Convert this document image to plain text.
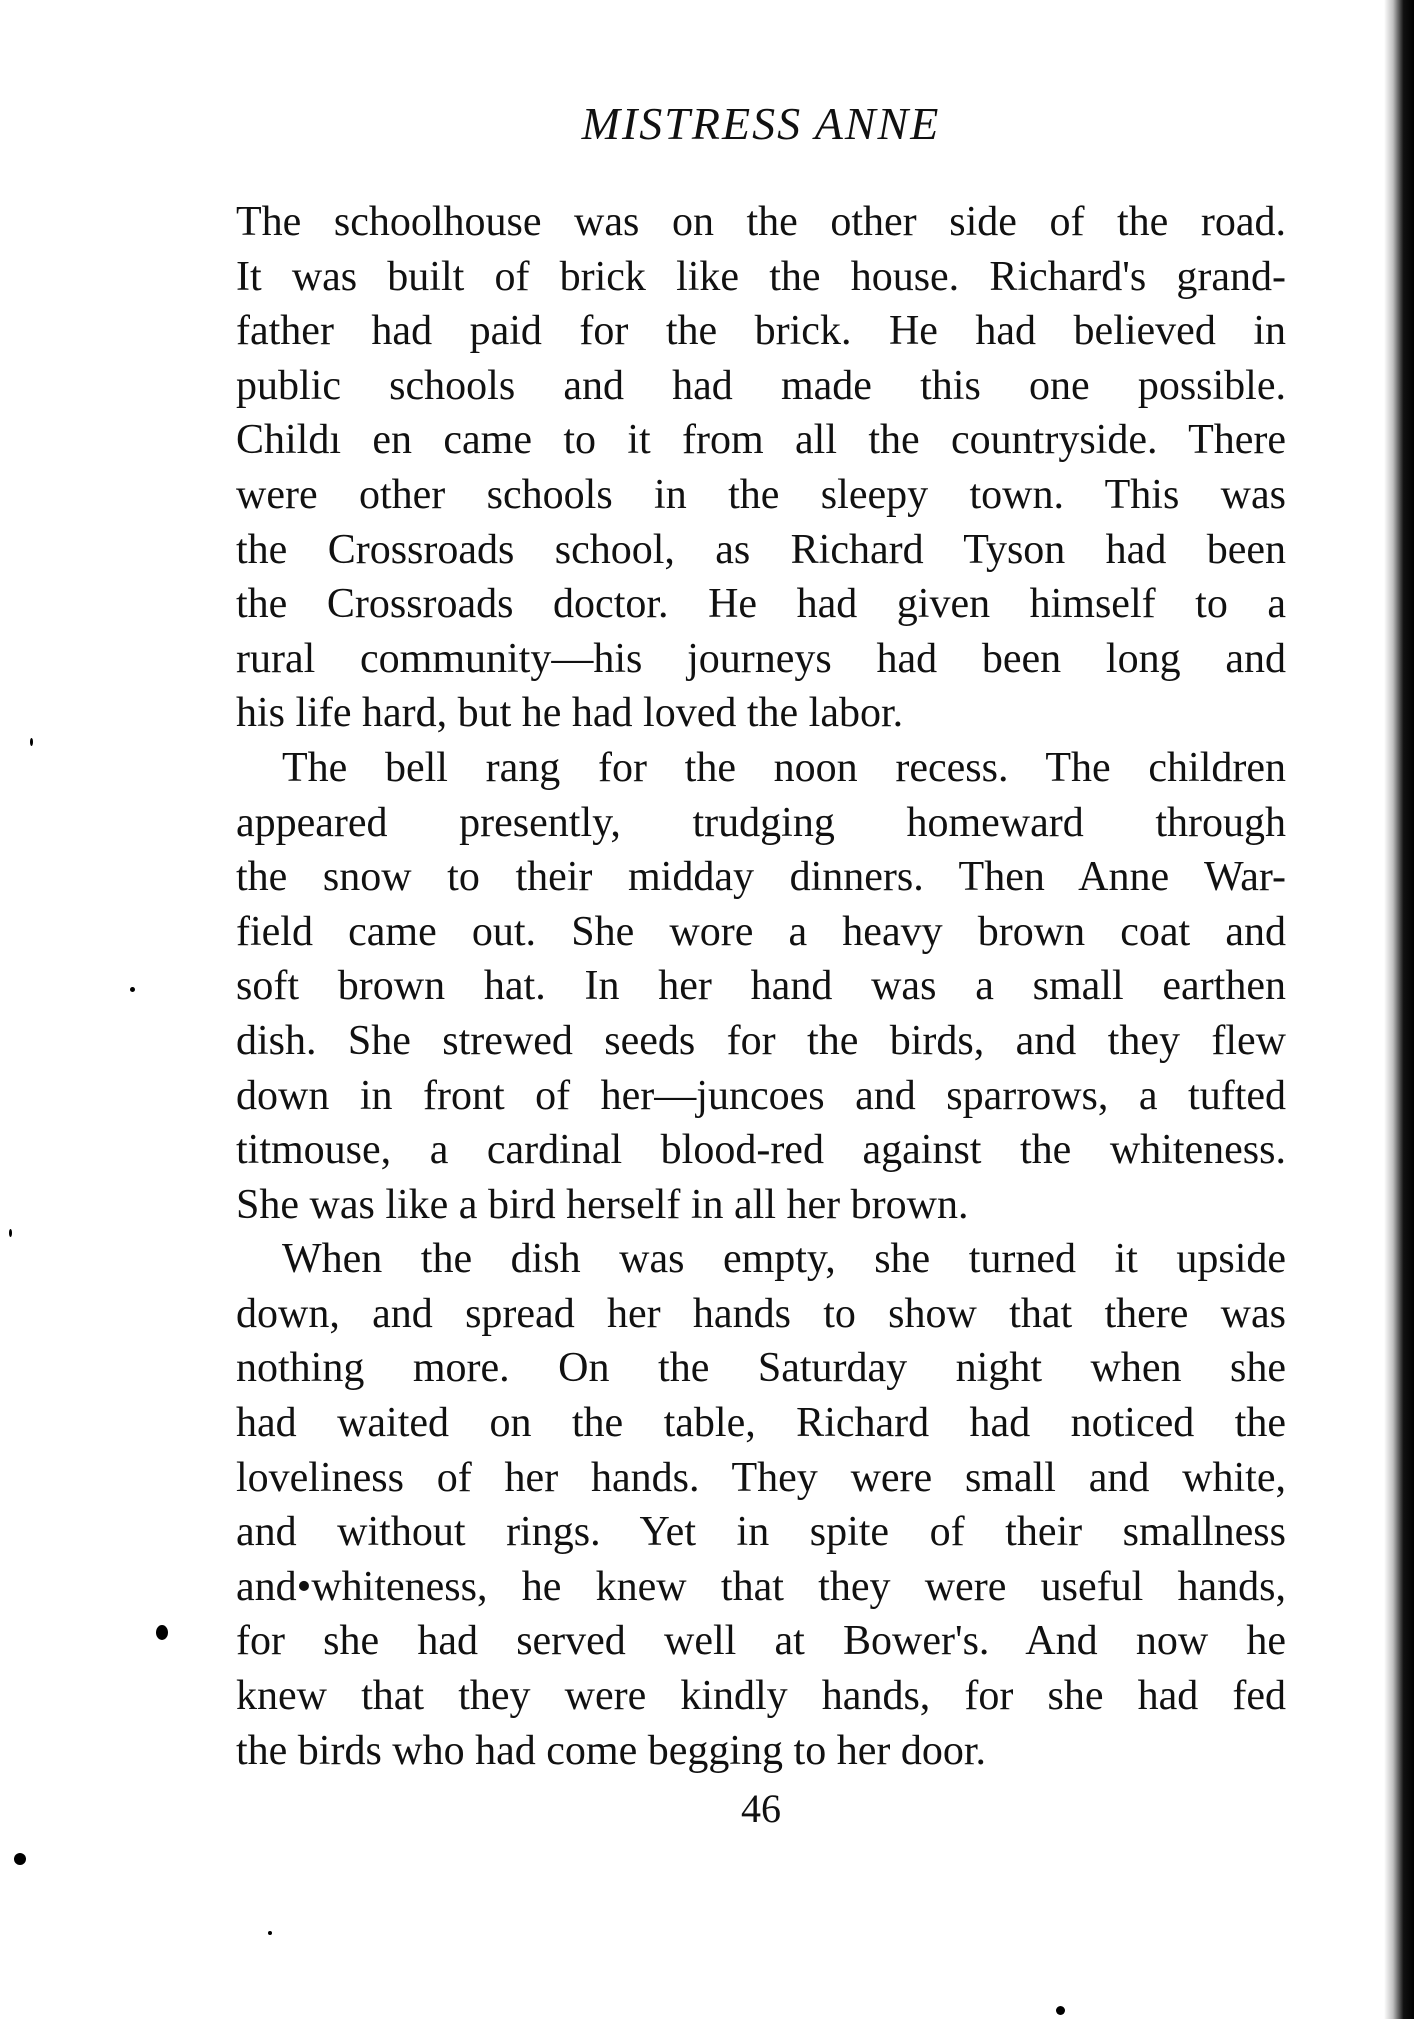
MISTRESS ANNE
The schoolhouse was on the other side of the road.
It was built of brick like the house. Richard's grand-
father had paid for the brick. He had believed in
public schools and had made this one possible.
Childı en came to it from all the countryside. There
were other schools in the sleepy town. This was
the Crossroads school, as Richard Tyson had been
the Crossroads doctor. He had given himself to a
rural community—his journeys had been long and
his life hard, but he had loved the labor.
The bell rang for the noon recess. The children
appeared presently, trudging homeward through
the snow to their midday dinners. Then Anne War-
field came out. She wore a heavy brown coat and
soft brown hat. In her hand was a small earthen
dish. She strewed seeds for the birds, and they flew
down in front of her—juncoes and sparrows, a tufted
titmouse, a cardinal blood-red against the whiteness.
She was like a bird herself in all her brown.
When the dish was empty, she turned it upside
down, and spread her hands to show that there was
nothing more. On the Saturday night when she
had waited on the table, Richard had noticed the
loveliness of her hands. They were small and white,
and without rings. Yet in spite of their smallness
and•whiteness, he knew that they were useful hands,
for she had served well at Bower's. And now he
knew that they were kindly hands, for she had fed
the birds who had come begging to her door.
46
